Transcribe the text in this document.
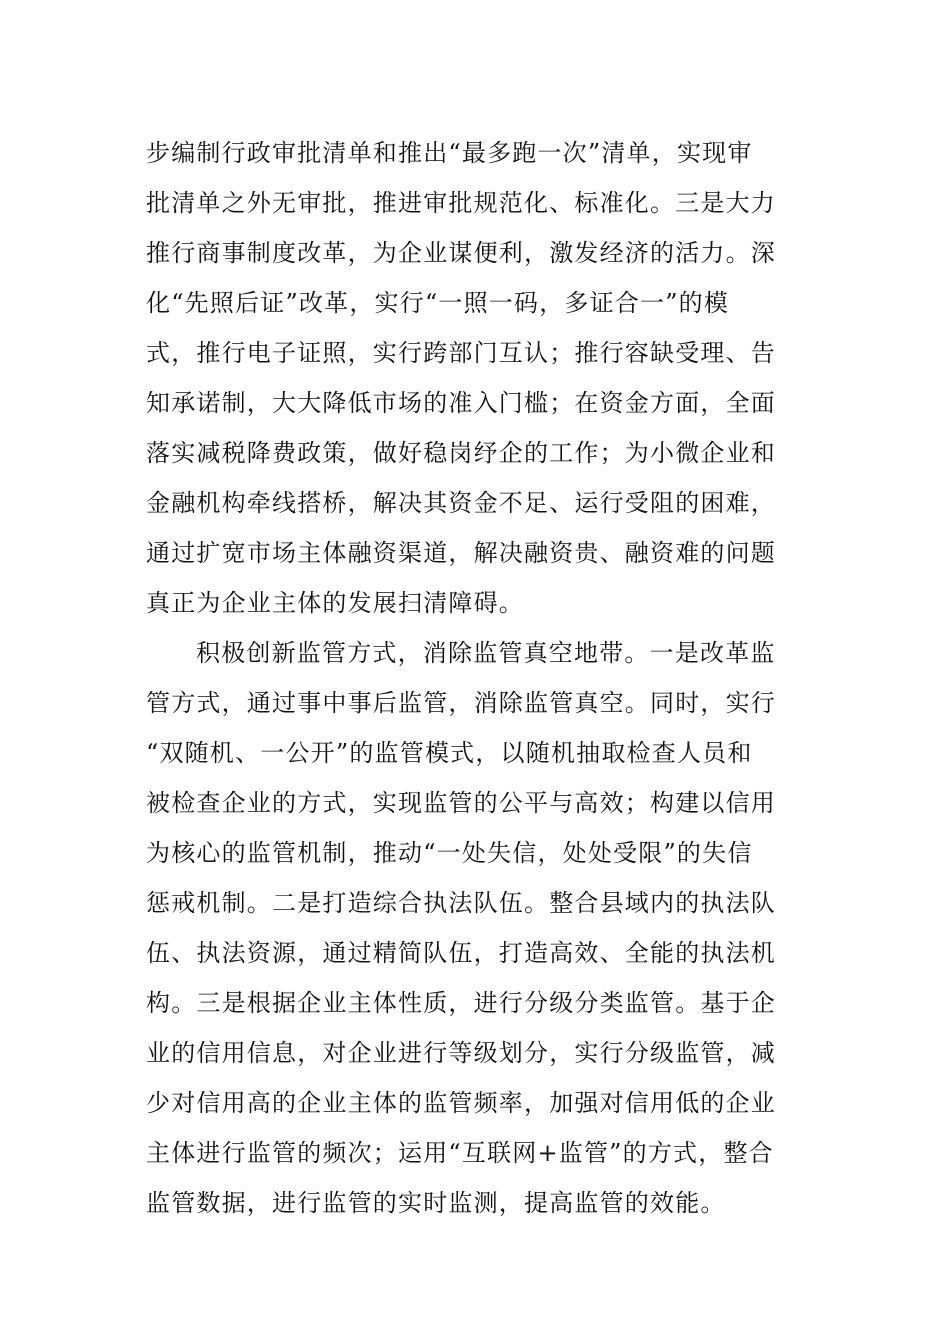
步编制行政审批清单和推出“最多跑一次”清单，实现审
批清单之外无审批，推进审批规范化、标准化。三是大力
推行商事制度改革，为企业谋便利，激发经济的活力。深
化“先照后证”改革，实行“一照一码，多证合一”的模
式，推行电子证照，实行跨部门互认；推行容缺受理、告
知承诺制，大大降低市场的准入门槛；在资金方面，全面
落实减税降费政策，做好稳岗纾企的工作；为小微企业和
金融机构牵线搭桥，解决其资金不足、运行受阻的困难，
通过扩宽市场主体融资渠道，解决融资贵、融资难的问题
真正为企业主体的发展扫清障碍。
积极创新监管方式，消除监管真空地带。一是改革监
管方式，通过事中事后监管，消除监管真空。同时，实行
“双随机、一公开”的监管模式，以随机抽取检查人员和
被检查企业的方式，实现监管的公平与高效；构建以信用
为核心的监管机制，推动“一处失信，处处受限”的失信
惩戒机制。二是打造综合执法队伍。整合县域内的执法队
伍、执法资源，通过精简队伍，打造高效、全能的执法机
构。三是根据企业主体性质，进行分级分类监管。基于企
业的信用信息，对企业进行等级划分，实行分级监管，减
少对信用高的企业主体的监管频率，加强对信用低的企业
主体进行监管的频次；运用“互联网+监管”的方式，整合
监管数据，进行监管的实时监测，提高监管的效能。
